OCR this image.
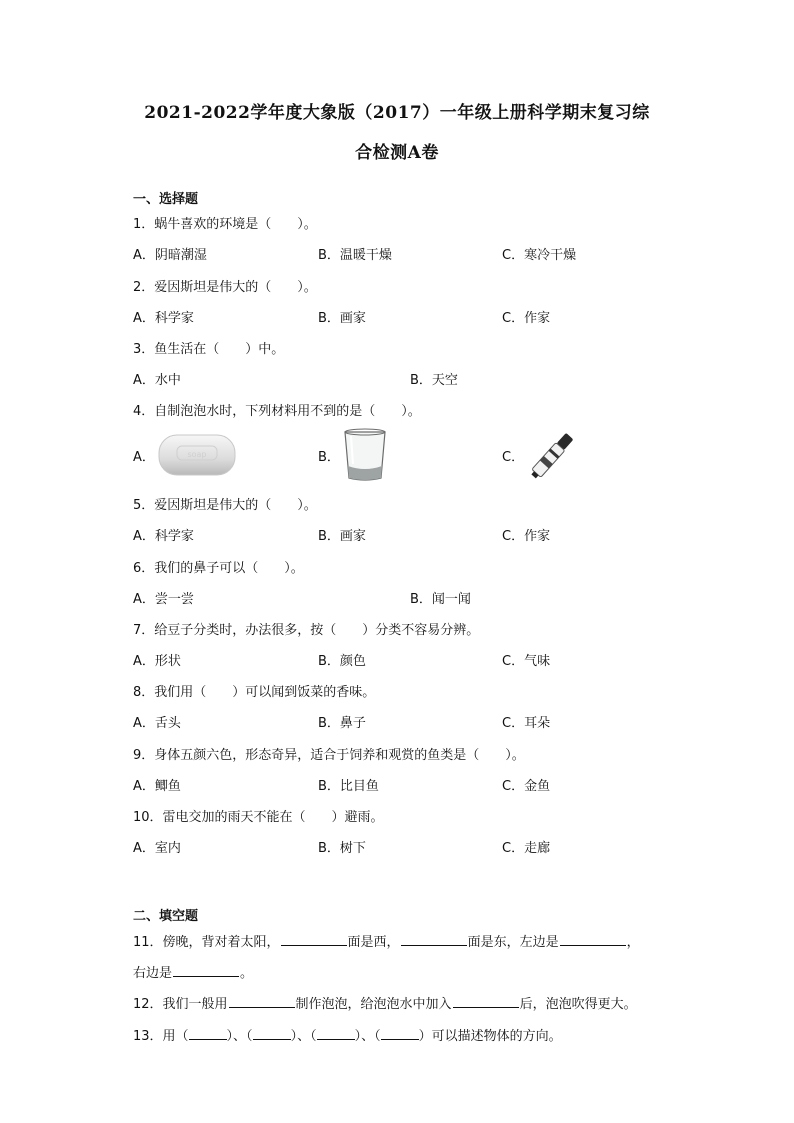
2021-2022学年度大象版（2017）一年级上册科学期末复习综
合检测A卷
一、选择题
1．蜗牛喜欢的环境是（　　）。
A．阴暗潮湿	B．温暖干燥	C．寒冷干燥
2．爱因斯坦是伟大的（　　）。
A．科学家	B．画家	C．作家
3．鱼生活在（　　）中。
A．水中	B．天空
4．自制泡泡水时，下列材料用不到的是（　　）。
A．	B．	C．
soap
5．爱因斯坦是伟大的（　　）。
A．科学家	B．画家	C．作家
6．我们的鼻子可以（　　）。
A．尝一尝	B．闻一闻
7．给豆子分类时，办法很多，按（　　）分类不容易分辨。
A．形状	B．颜色	C．气味
8．我们用（　　）可以闻到饭菜的香味。
A．舌头	B．鼻子	C．耳朵
9．身体五颜六色，形态奇异，适合于饲养和观赏的鱼类是（　　）。
A．鲫鱼	B．比目鱼	C．金鱼
10．雷电交加的雨天不能在（　　）避雨。
A．室内	B．树下	C．走廊
二、填空题
11．傍晚，背对着太阳，	面是西，	面是东，左边是	，
右边是	。
12．我们一般用	制作泡泡，给泡泡水中加入	后，泡泡吹得更大。
13．用（	）、（	）、（	）、（	）可以描述物体的方向。
